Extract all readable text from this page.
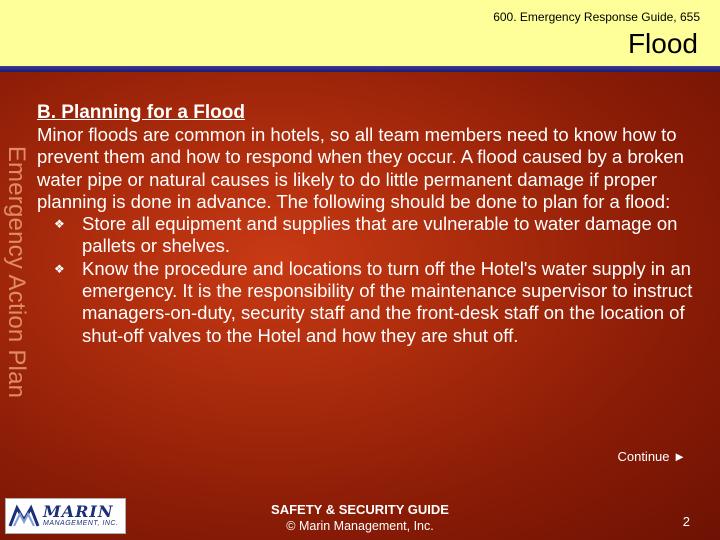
600. Emergency Response Guide, 655
Flood
Emergency Action Plan
B. Planning for a Flood

Minor floods are common in hotels, so all team members need to know how to prevent them and how to respond when they occur. A flood caused by a broken water pipe or natural causes is likely to do little permanent damage if proper planning is done in advance. The following should be done to plan for a flood:

❖ Store all equipment and supplies that are vulnerable to water damage on pallets or shelves.
❖ Know the procedure and locations to turn off the Hotel's water supply in an emergency. It is the responsibility of the maintenance supervisor to instruct managers-on-duty, security staff and the front-desk staff on the location of shut-off valves to the Hotel and how they are shut off.
Continue ►
MARIN
MANAGEMENT, INC.
SAFETY & SECURITY GUIDE
© Marin Management, Inc.	2
